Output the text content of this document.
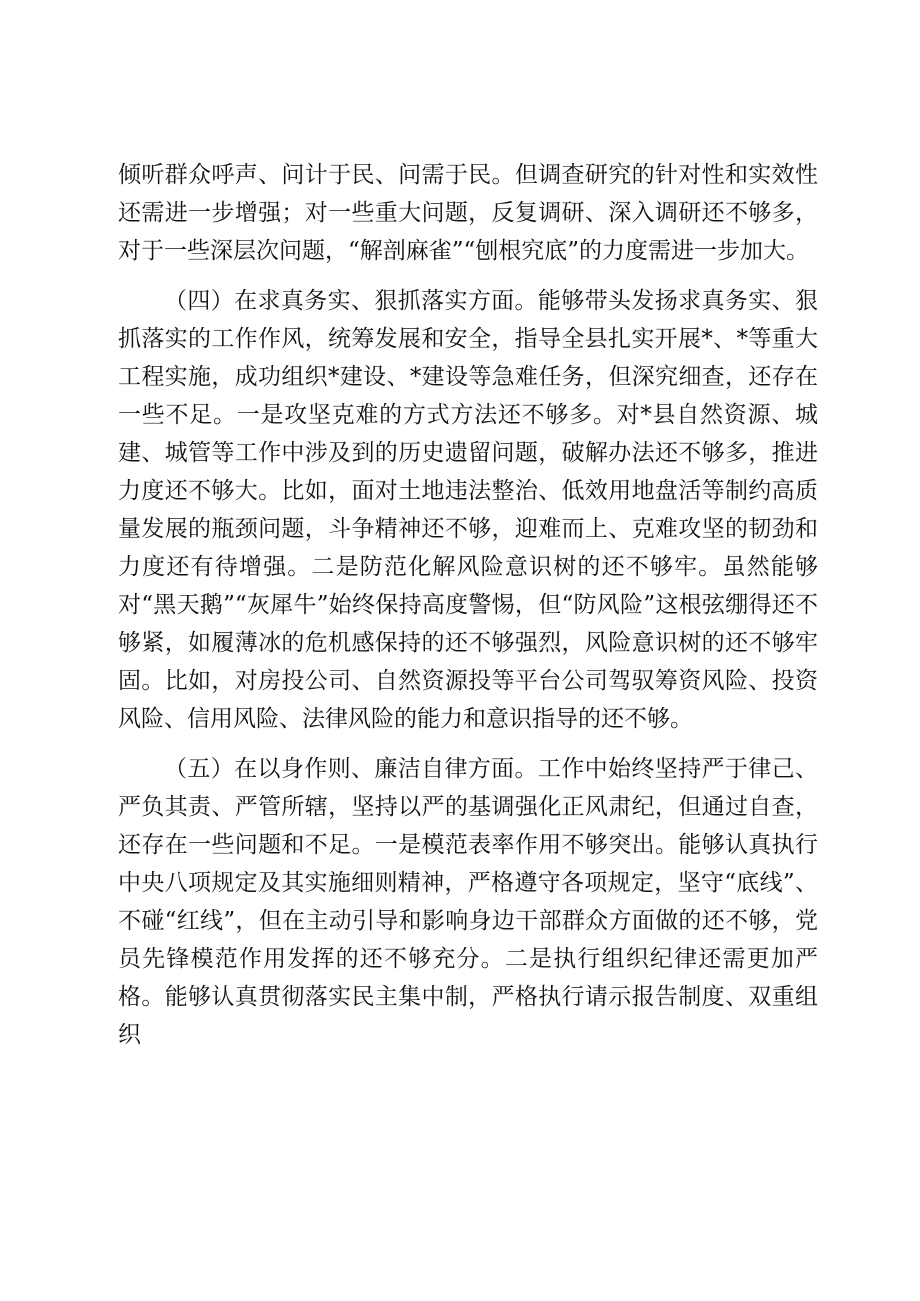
倾听群众呼声、问计于民、问需于民。但调查研究的针对性和实效性还需进一步增强；对一些重大问题，反复调研、深入调研还不够多，对于一些深层次问题，“解剖麻雀”“刨根究底”的力度需进一步加大。

（四）在求真务实、狠抓落实方面。能够带头发扬求真务实、狠抓落实的工作作风，统筹发展和安全，指导全县扎实开展*、*等重大工程实施，成功组织*建设、*建设等急难任务，但深究细查，还存在一些不足。一是攻坚克难的方式方法还不够多。对*县自然资源、城建、城管等工作中涉及到的历史遗留问题，破解办法还不够多，推进力度还不够大。比如，面对土地违法整治、低效用地盘活等制约高质量发展的瓶颈问题，斗争精神还不够，迎难而上、克难攻坚的韧劲和力度还有待增强。二是防范化解风险意识树的还不够牢。虽然能够对“黑天鹅”“灰犀牛”始终保持高度警惕，但“防风险”这根弦绷得还不够紧，如履薄冰的危机感保持的还不够强烈，风险意识树的还不够牢固。比如，对房投公司、自然资源投等平台公司驾驭筹资风险、投资风险、信用风险、法律风险的能力和意识指导的还不够。

（五）在以身作则、廉洁自律方面。工作中始终坚持严于律己、严负其责、严管所辖，坚持以严的基调强化正风肃纪，但通过自查，还存在一些问题和不足。一是模范表率作用不够突出。能够认真执行中央八项规定及其实施细则精神，严格遵守各项规定，坚守“底线”、不碰“红线”，但在主动引导和影响身边干部群众方面做的还不够，党员先锋模范作用发挥的还不够充分。二是执行组织纪律还需更加严格。能够认真贯彻落实民主集中制，严格执行请示报告制度、双重组织
